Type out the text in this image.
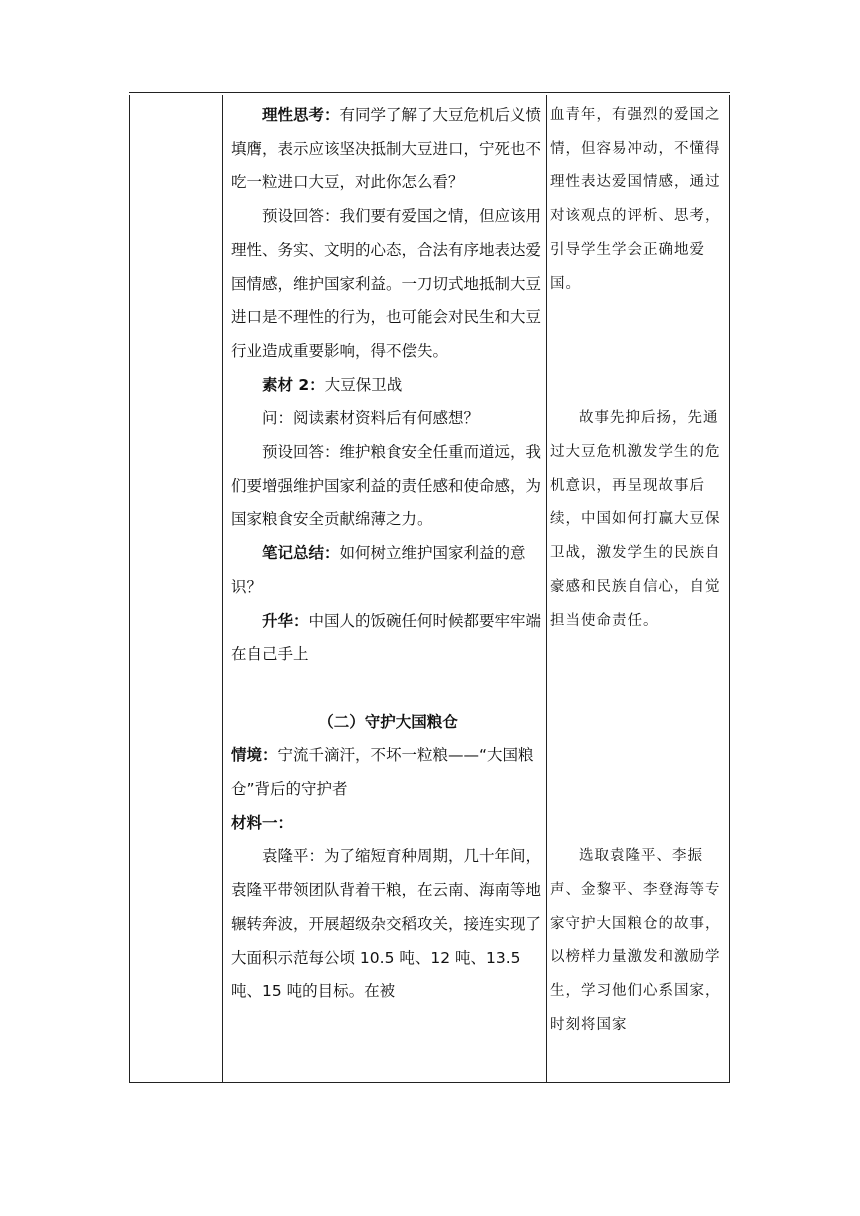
理性思考：有同学了解了大豆危机后义愤填膺，表示应该坚决抵制大豆进口，宁死也不吃一粒进口大豆，对此你怎么看？

预设回答：我们要有爱国之情，但应该用理性、务实、文明的心态，合法有序地表达爱国情感，维护国家利益。一刀切式地抵制大豆进口是不理性的行为，也可能会对民生和大豆行业造成重要影响，得不偿失。

素材 2：大豆保卫战

问：阅读素材资料后有何感想？

预设回答：维护粮食安全任重而道远，我们要增强维护国家利益的责任感和使命感，为国家粮食安全贡献绵薄之力。

笔记总结：如何树立维护国家利益的意识？

升华：中国人的饭碗任何时候都要牢牢端在自己手上

（二）守护大国粮仓

情境：宁流千滴汗，不坏一粒粮——“大国粮仓”背后的守护者

材料一：

袁隆平：为了缩短育种周期，几十年间，袁隆平带领团队背着干粮，在云南、海南等地辗转奔波，开展超级杂交稻攻关，接连实现了大面积示范每公顷 10.5 吨、12 吨、13.5 吨、15 吨的目标。在被

血青年，有强烈的爱国之情，但容易冲动，不懂得理性表达爱国情感，通过对该观点的评析、思考，引导学生学会正确地爱国。

故事先抑后扬，先通过大豆危机激发学生的危机意识，再呈现故事后续，中国如何打赢大豆保卫战，激发学生的民族自豪感和民族自信心，自觉担当使命责任。

选取袁隆平、李振声、金黎平、李登海等专家守护大国粮仓的故事，以榜样力量激发和激励学生，学习他们心系国家，时刻将国家
